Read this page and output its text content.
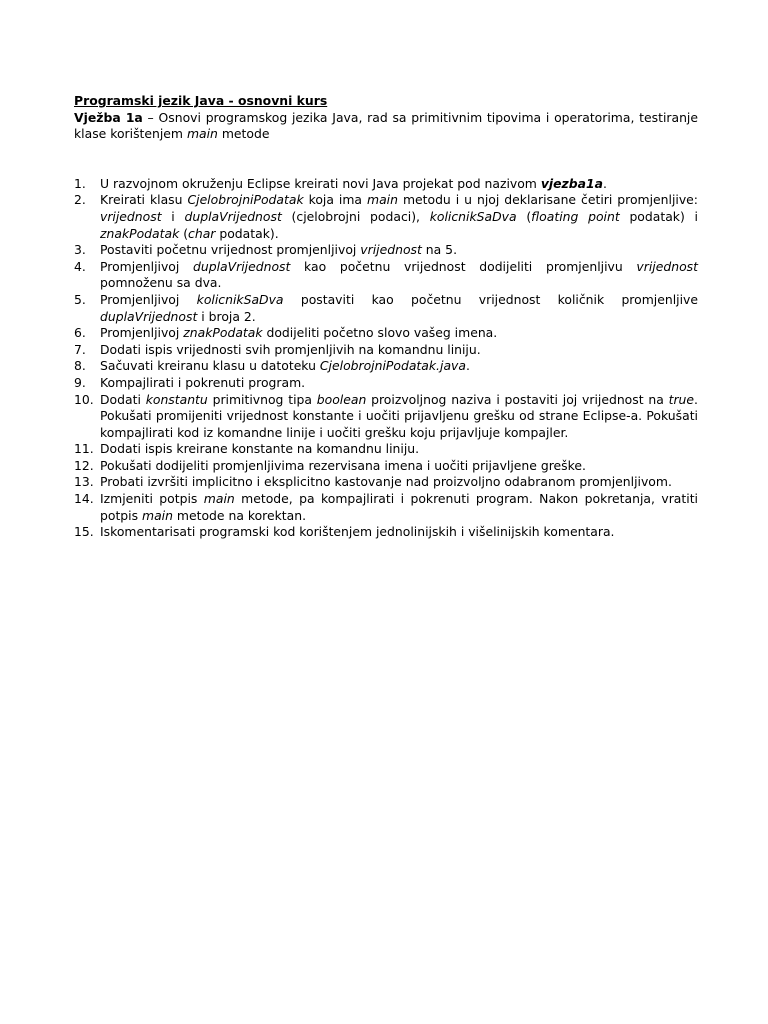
Programski jezik Java - osnovni kurs

Vježba 1a – Osnovi programskog jezika Java, rad sa primitivnim tipovima i operatorima, testiranje klase korištenjem main metode

1.	U razvojnom okruženju Eclipse kreirati novi Java projekat pod nazivom vjezba1a.
2.	Kreirati klasu CjelobrojniPodatak koja ima main metodu i u njoj deklarisane četiri promjenljive: vrijednost i duplaVrijednost (cjelobrojni podaci), kolicnikSaDva (floating point podatak) i znakPodatak (char podatak).
3.	Postaviti početnu vrijednost promjenljivoj vrijednost na 5.
4.	Promjenljivoj duplaVrijednost kao početnu vrijednost dodijeliti promjenljivu vrijednost pomnoženu sa dva.
5.	Promjenljivoj kolicnikSaDva postaviti kao početnu vrijednost količnik promjenljive duplaVrijednost i broja 2.
6.	Promjenljivoj znakPodatak dodijeliti početno slovo vašeg imena.
7.	Dodati ispis vrijednosti svih promjenljivih na komandnu liniju.
8.	Sačuvati kreiranu klasu u datoteku CjelobrojniPodatak.java.
9.	Kompajlirati i pokrenuti program.
10. Dodati konstantu primitivnog tipa boolean proizvoljnog naziva i postaviti joj vrijednost na true. Pokušati promijeniti vrijednost konstante i uočiti prijavljenu grešku od strane Eclipse-a. Pokušati kompajlirati kod iz komandne linije i uočiti grešku koju prijavljuje kompajler.
11. Dodati ispis kreirane konstante na komandnu liniju.
12. Pokušati dodijeliti promjenljivima rezervisana imena i uočiti prijavljene greške.
13. Probati izvršiti implicitno i eksplicitno kastovanje nad proizvoljno odabranom promjenljivom.
14. Izmjeniti potpis main metode, pa kompajlirati i pokrenuti program. Nakon pokretanja, vratiti potpis main metode na korektan.
15. Iskomentarisati programski kod korištenjem jednolinijskih i višelinijskih komentara.
